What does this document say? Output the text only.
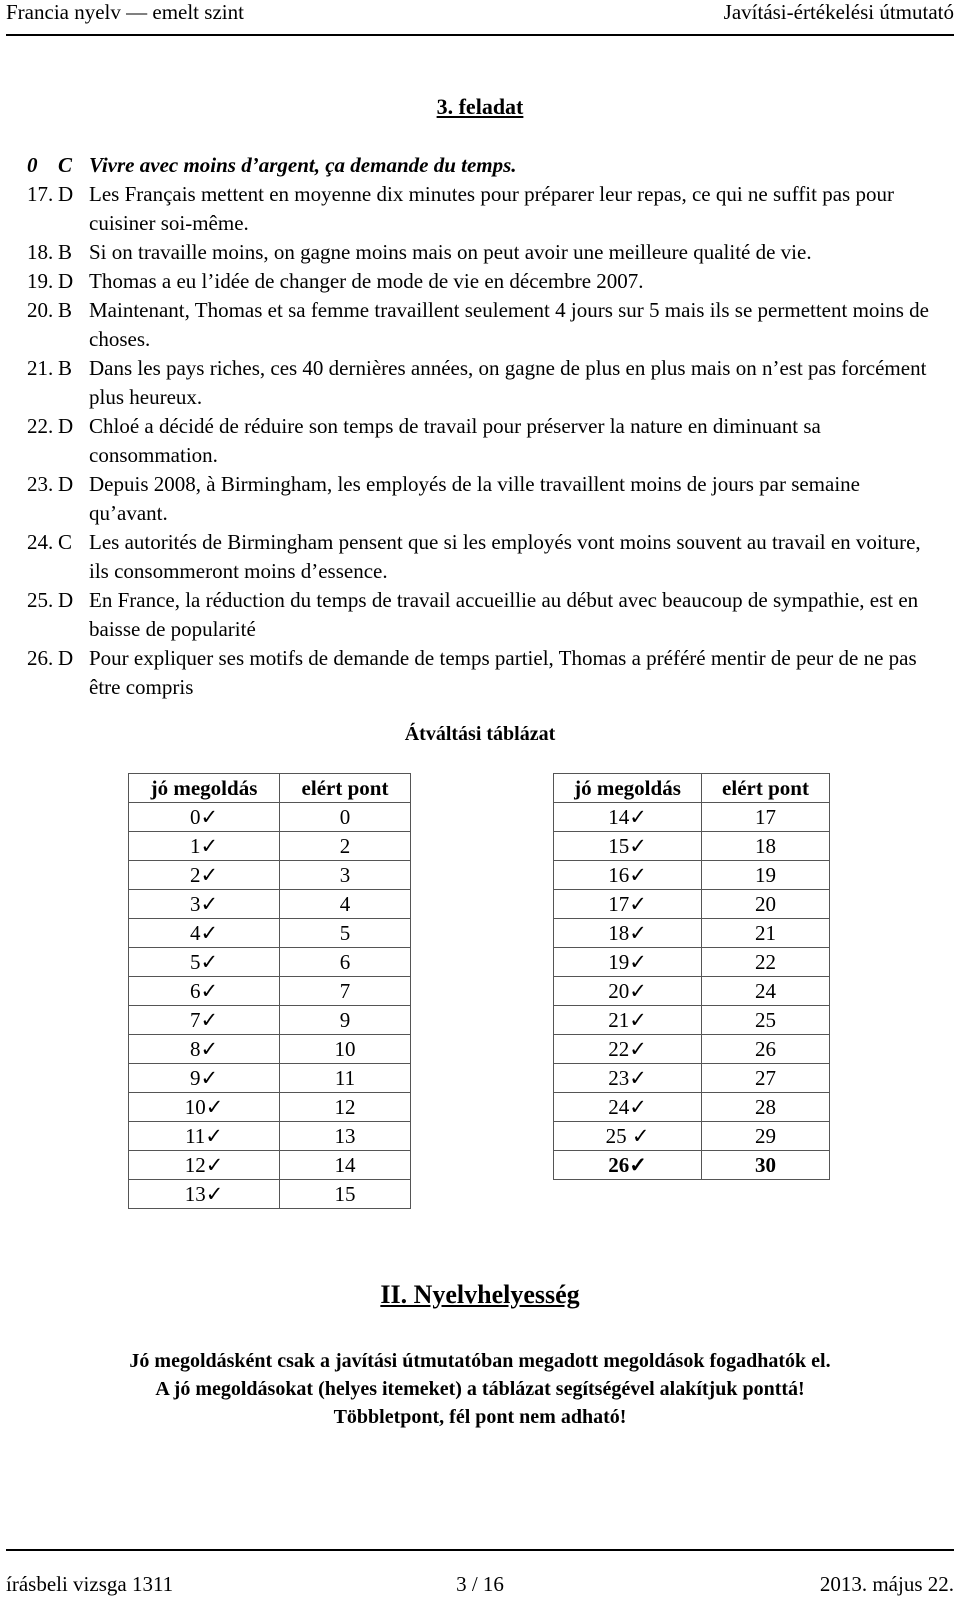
Francia nyelv — emelt szint	Javítási-értékelési útmutató
3. feladat
0 C Vivre avec moins d’argent, ça demande du temps.
17. D Les Français mettent en moyenne dix minutes pour préparer leur repas, ce qui ne suffit pas pour cuisiner soi-même.
18. B Si on travaille moins, on gagne moins mais on peut avoir une meilleure qualité de vie.
19. D Thomas a eu l’idée de changer de mode de vie en décembre 2007.
20. B Maintenant, Thomas et sa femme travaillent seulement 4 jours sur 5 mais ils se permettent moins de choses.
21. B Dans les pays riches, ces 40 dernières années, on gagne de plus en plus mais on n’est pas forcément plus heureux.
22. D Chloé a décidé de réduire son temps de travail pour préserver la nature en diminuant sa consommation.
23. D Depuis 2008, à Birmingham, les employés de la ville travaillent moins de jours par semaine qu’avant.
24. C Les autorités de Birmingham pensent que si les employés vont moins souvent au travail en voiture, ils consommeront moins d’essence.
25. D En France, la réduction du temps de travail accueillie au début avec beaucoup de sympathie, est en baisse de popularité
26. D Pour expliquer ses motifs de demande de temps partiel, Thomas a préféré mentir de peur de ne pas être compris
Átváltási táblázat
jó megoldás	elért pont
0✓	0
1✓	2
2✓	3
3✓	4
4✓	5
5✓	6
6✓	7
7✓	9
8✓	10
9✓	11
10✓	12
11✓	13
12✓	14
13✓	15
jó megoldás	elért pont
14✓	17
15✓	18
16✓	19
17✓	20
18✓	21
19✓	22
20✓	24
21✓	25
22✓	26
23✓	27
24✓	28
25 ✓	29
26✓	30
II. Nyelvhelyesség
Jó megoldásként csak a javítási útmutatóban megadott megoldások fogadhatók el.
A jó megoldásokat (helyes itemeket) a táblázat segítségével alakítjuk ponttá!
Többletpont, fél pont nem adható!
írásbeli vizsga 1311	3 / 16	2013. május 22.
